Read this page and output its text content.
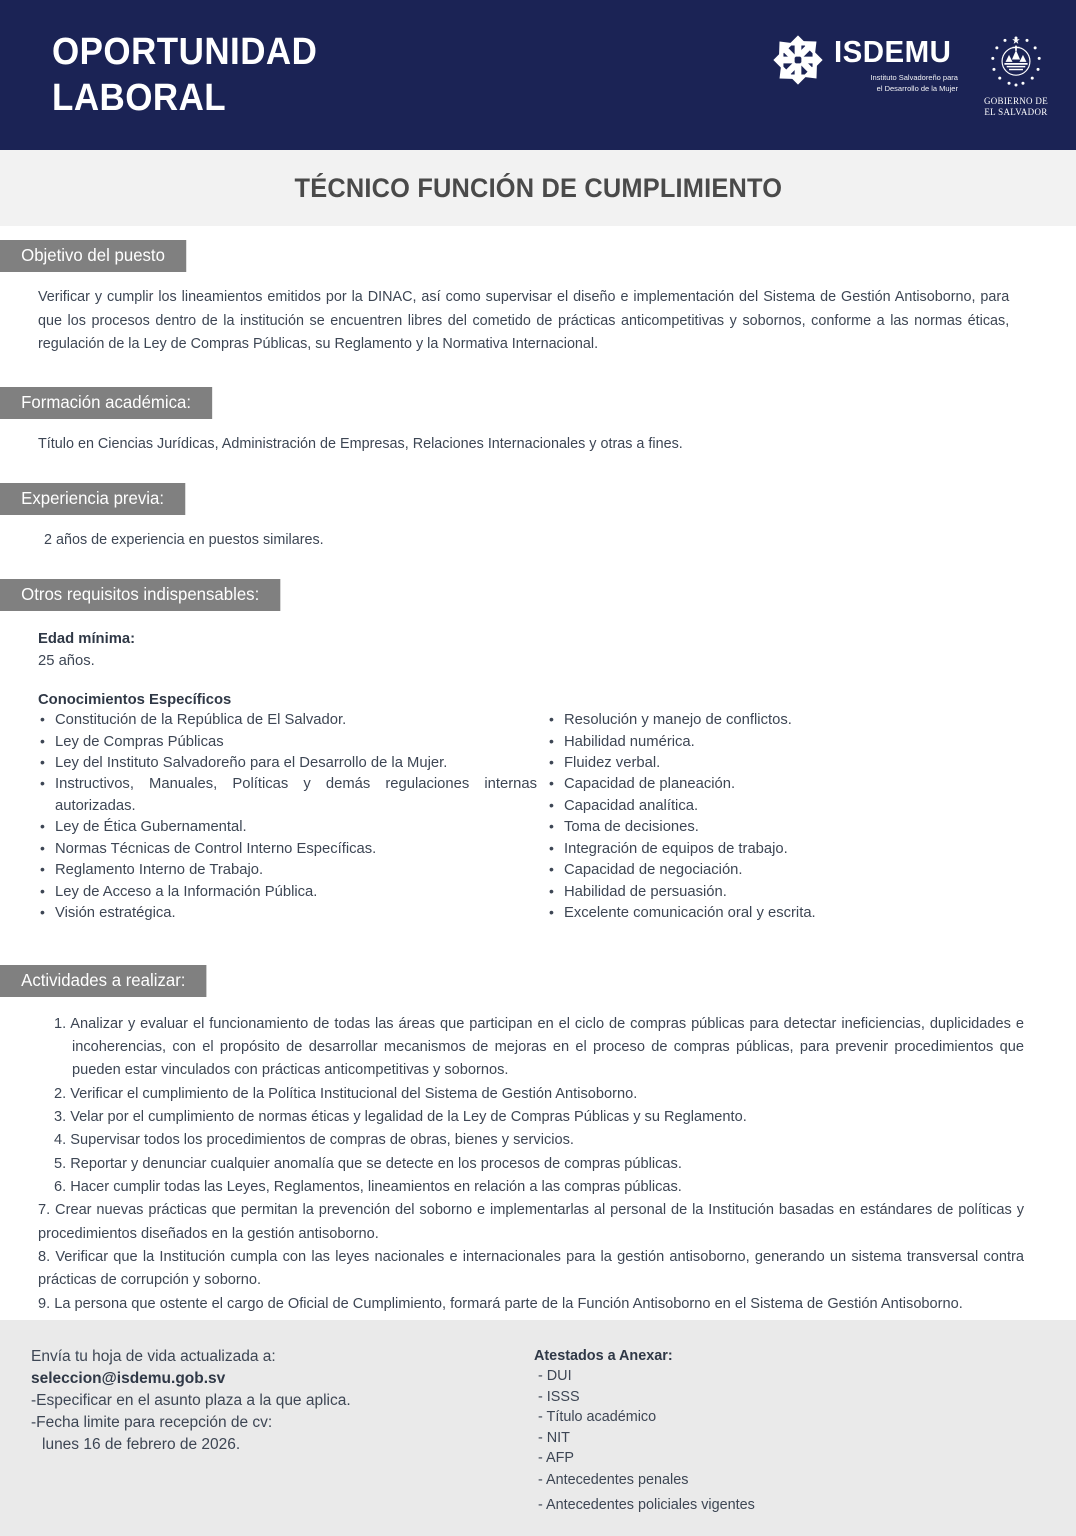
OPORTUNIDAD
LABORAL
ISDEMU
Instituto Salvadoreño para
el Desarrollo de la Mujer
GOBIERNO DE
EL SALVADOR
TÉCNICO FUNCIÓN DE CUMPLIMIENTO
Objetivo del puesto
Verificar y cumplir los lineamientos emitidos por la DINAC, así como supervisar el diseño e implementación del Sistema de Gestión Antisoborno, para que los procesos dentro de la institución se encuentren libres del cometido de prácticas anticompetitivas y sobornos, conforme a las normas éticas, regulación de la Ley de Compras Públicas, su Reglamento y la Normativa Internacional.
Formación académica:
Título en Ciencias Jurídicas, Administración de Empresas, Relaciones Internacionales y otras a fines.
Experiencia previa:
2 años de experiencia en puestos similares.
Otros requisitos indispensables:
Edad mínima:
25 años.
Conocimientos Específicos
• Constitución de la República de El Salvador.
• Ley de Compras Públicas
• Ley del Instituto Salvadoreño para el Desarrollo de la Mujer.
• Instructivos, Manuales, Políticas y demás regulaciones internas autorizadas.
• Ley de Ética Gubernamental.
• Normas Técnicas de Control Interno Específicas.
• Reglamento Interno de Trabajo.
• Ley de Acceso a la Información Pública.
• Visión estratégica.
• Resolución y manejo de conflictos.
• Habilidad numérica.
• Fluidez verbal.
• Capacidad de planeación.
• Capacidad analítica.
• Toma de decisiones.
• Integración de equipos de trabajo.
• Capacidad de negociación.
• Habilidad de persuasión.
• Excelente comunicación oral y escrita.
Actividades a realizar:
1. Analizar y evaluar el funcionamiento de todas las áreas que participan en el ciclo de compras públicas para detectar ineficiencias, duplicidades e incoherencias, con el propósito de desarrollar mecanismos de mejoras en el proceso de compras públicas, para prevenir procedimientos que pueden estar vinculados con prácticas anticompetitivas y sobornos.
2. Verificar el cumplimiento de la Política Institucional del Sistema de Gestión Antisoborno.
3. Velar por el cumplimiento de normas éticas y legalidad de la Ley de Compras Públicas y su Reglamento.
4. Supervisar todos los procedimientos de compras de obras, bienes y servicios.
5. Reportar y denunciar cualquier anomalía que se detecte en los procesos de compras públicas.
6. Hacer cumplir todas las Leyes, Reglamentos, lineamientos en relación a las compras públicas.
7. Crear nuevas prácticas que permitan la prevención del soborno e implementarlas al personal de la Institución basadas en estándares de políticas y procedimientos diseñados en la gestión antisoborno.
8. Verificar que la Institución cumpla con las leyes nacionales e internacionales para la gestión antisoborno, generando un sistema transversal contra prácticas de corrupción y soborno.
9. La persona que ostente el cargo de Oficial de Cumplimiento, formará parte de la Función Antisoborno en el Sistema de Gestión Antisoborno.
Envía tu hoja de vida actualizada a:
seleccion@isdemu.gob.sv
-Especificar en el asunto plaza a la que aplica.
-Fecha limite para recepción de cv:
lunes 16 de febrero de 2026.
Atestados a Anexar:
- DUI
- ISSS
- Título académico
- NIT
- AFP
- Antecedentes penales
- Antecedentes policiales vigentes
